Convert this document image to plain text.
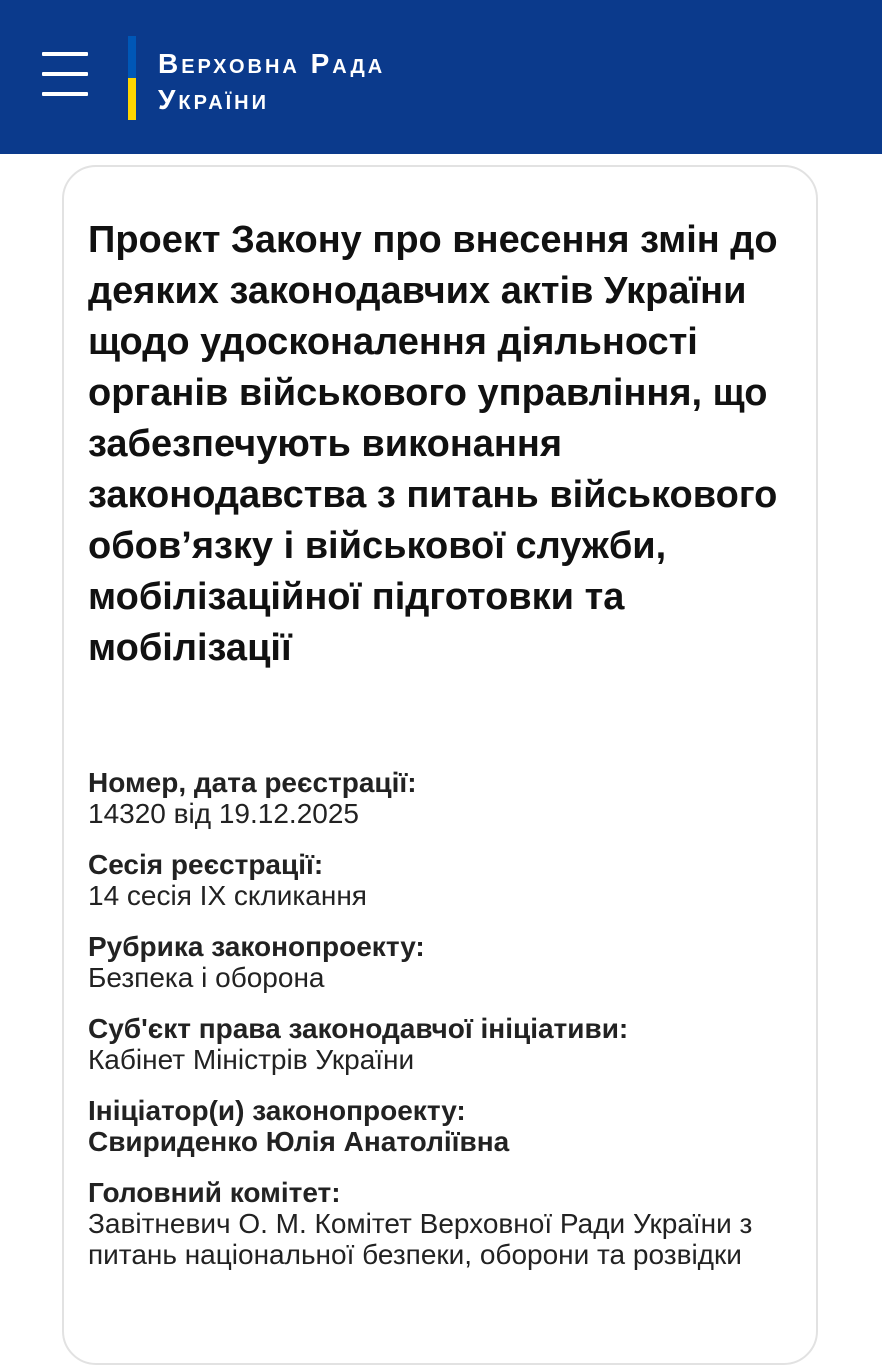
Верховна Рада
України
Проект Закону про внесення змін до деяких законодавчих актів України щодо удосконалення діяльності органів військового управління, що забезпечують виконання законодавства з питань військового обов’язку і військової служби, мобілізаційної підготовки та мобілізації
Номер, дата реєстрації:
14320 від 19.12.2025
Сесія реєстрації:
14 сесія IX скликання
Рубрика законопроекту:
Безпека і оборона
Суб'єкт права законодавчої ініціативи:
Кабінет Міністрів України
Ініціатор(и) законопроекту:
Свириденко Юлія Анатоліївна
Головний комітет:
Завітневич О. М. Комітет Верховної Ради України з питань національної безпеки, оборони та розвідки
